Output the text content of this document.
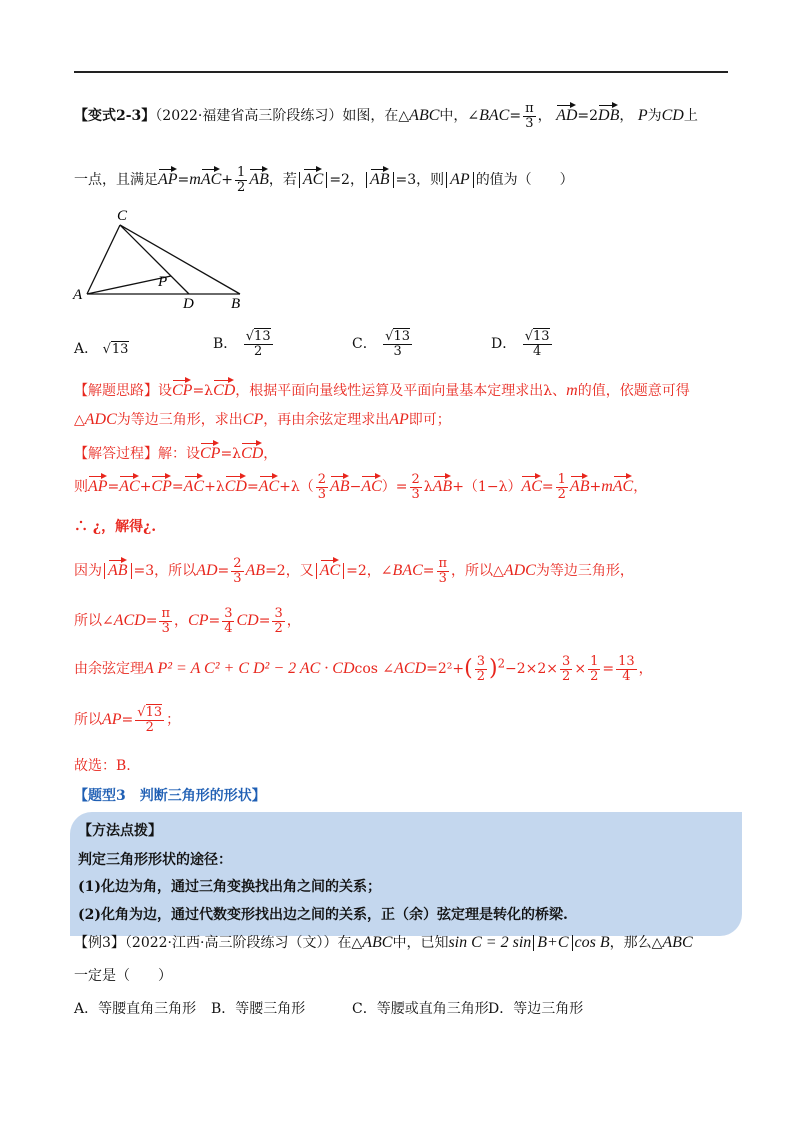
【变式2-3】（2022·福建省高三阶段练习）如图，在△ABC中，∠BAC= $\frac{\pi}{3}$ ， AD=2DB， P为CD上
一点，且满足$AP=mAC+ \frac{1}{2}$ AB，若 AC =2， AB =3，则 AP 的值为（　　）
C
A
P
D B
A． √13	B． $\frac{√13}{2}$	C． $\frac{√13}{3}$	D． $\frac{√13}{4}$
【解题思路】设CP=λCD，根据平面向量线性运算及平面向量基本定理求出λ、m的值，依题意可得
△ADC为等边三角形，求出CP，再由余弦定理求出AP即可；
【解答过程】解：设CP=λCD，
则$AP=AC+CP=AC+\lambda CD=AC+\lambda( \frac{2}{3} AB-AC)= \frac{2}{3} \lambda AB+(1-\lambda)AC= \frac{1}{2} AB+mAC$，
∴ ¿，解得¿.
因为 AB =3，所以$AD= \frac{2}{3} AB=2$，又 AC =2，∠BAC= $\frac{\pi}{3}$ ，所以△ADC为等边三角形，
所以∠ACD= $\frac{\pi}{3}$ ，$CP= \frac{3}{4} CD= \frac{3}{2}$ ，
由余弦定理A P² = A C² + C D² − 2 AC · CDcos ∠ACD=2²+( $\frac{3}{2} )^2-2\times 2\times \frac{3}{2} \times \frac{1}{2} = \frac{13}{4}$ ，
所以$AP= \frac{√13}{2}$ ；
故选：B.
【题型3　判断三角形的形状】
【方法点拨】
判定三角形形状的途径：
(1)化边为角，通过三角变换找出角之间的关系；
(2)化角为边，通过代数变形找出边之间的关系，正（余）弦定理是转化的桥梁.
【例3】（2022·江西·高三阶段练习（文））在△ABC中，已知sin C = 2 sin B+C cos B，那么△ABC
一定是（　　）
A．等腰直角三角形 B．等腰三角形	C．等腰或直角三角形 D．等边三角形
